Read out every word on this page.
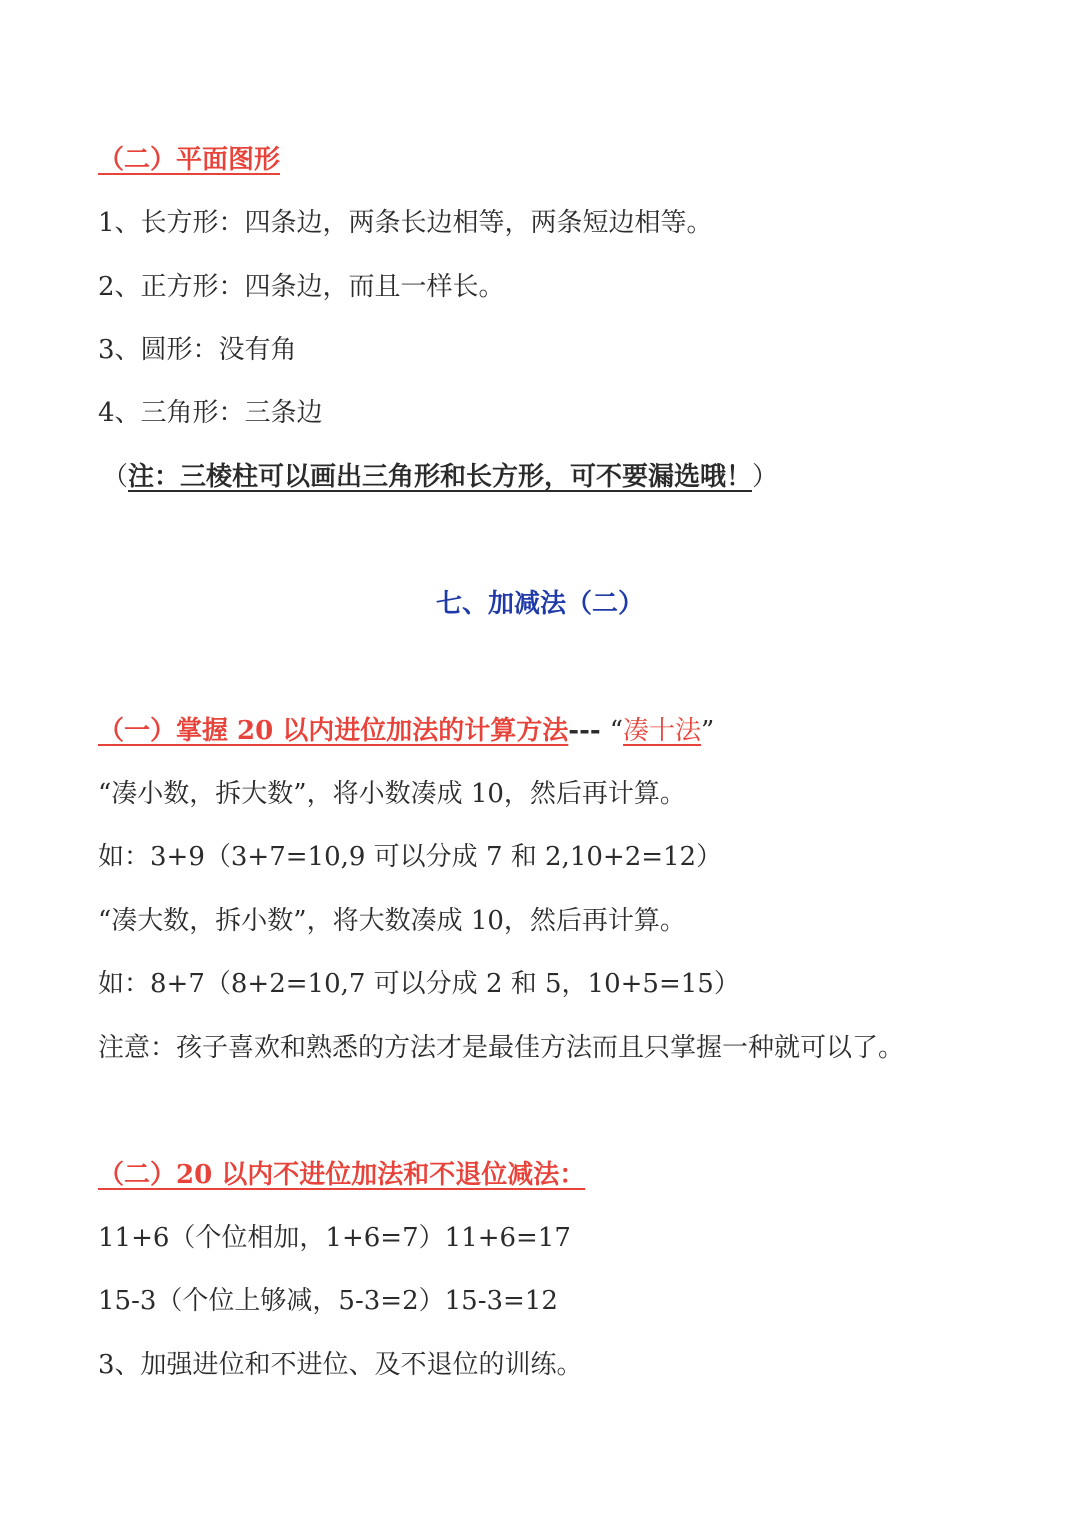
（二）平面图形
1、长方形：四条边，两条长边相等，两条短边相等。
2、正方形：四条边，而且一样长。
3、圆形：没有角
4、三角形：三条边
（注：三棱柱可以画出三角形和长方形，可不要漏选哦！）
七、加减法（二）
（一）掌握 20 以内进位加法的计算方法--- “凑十法”
“凑小数，拆大数”，将小数凑成 10，然后再计算。
如：3+9（3+7=10,9 可以分成 7 和 2,10+2=12）
“凑大数，拆小数”，将大数凑成 10，然后再计算。
如：8+7（8+2=10,7 可以分成 2 和 5，10+5=15）
注意：孩子喜欢和熟悉的方法才是最佳方法而且只掌握一种就可以了。
（二）20 以内不进位加法和不退位减法：
11+6（个位相加，1+6=7）11+6=17
15-3（个位上够减，5-3=2）15-3=12
3、加强进位和不进位、及不退位的训练。
